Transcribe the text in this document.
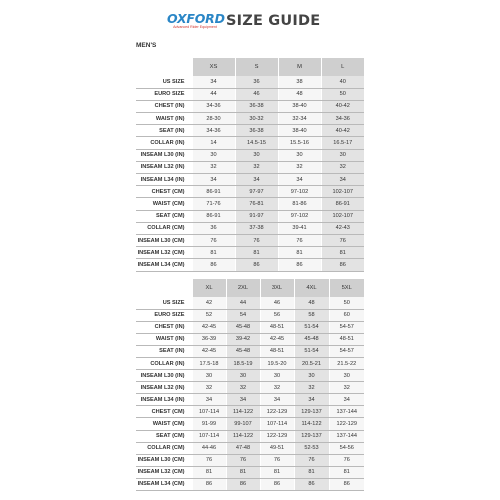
OXFORD
Advanced Rider Equipment SIZE GUIDE
MEN'S
	XS	S	M	L
US SIZE	34	36	38	40
EURO SIZE	44	46	48	50
CHEST (IN)	34-36	36-38	38-40	40-42
WAIST (IN)	28-30	30-32	32-34	34-36
SEAT (IN)	34-36	36-38	38-40	40-42
COLLAR (IN)	14	14.5-15	15.5-16	16.5-17
INSEAM L30 (IN)	30	30	30	30
INSEAM L32 (IN)	32	32	32	32
INSEAM L34 (IN)	34	34	34	34
CHEST (CM)	86-91	97-97	97-102	102-107
WAIST (CM)	71-76	76-81	81-86	86-91
SEAT (CM)	86-91	91-97	97-102	102-107
COLLAR (CM)	36	37-38	39-41	42-43
INSEAM L30 (CM)	76	76	76	76
INSEAM L32 (CM)	81	81	81	81
INSEAM L34 (CM)	86	86	86	86
	XL	2XL	3XL	4XL	5XL
US SIZE	42	44	46	48	50
EURO SIZE	52	54	56	58	60
CHEST (IN)	42-45	45-48	48-51	51-54	54-57
WAIST (IN)	36-39	39-42	42-45	45-48	48-51
SEAT (IN)	42-45	45-48	48-51	51-54	54-57
COLLAR (IN)	17.5-18	18.5-19	19.5-20	20.5-21	21.5-22
INSEAM L30 (IN)	30	30	30	30	30
INSEAM L32 (IN)	32	32	32	32	32
INSEAM L34 (IN)	34	34	34	34	34
CHEST (CM)	107-114	114-122	122-129	129-137	137-144
WAIST (CM)	91-99	99-107	107-114	114-122	122-129
SEAT (CM)	107-114	114-122	122-129	129-137	137-144
COLLAR (CM)	44-46	47-48	49-51	52-53	54-56
INSEAM L30 (CM)	76	76	76	76	76
INSEAM L32 (CM)	81	81	81	81	81
INSEAM L34 (CM)	86	86	86	86	86
